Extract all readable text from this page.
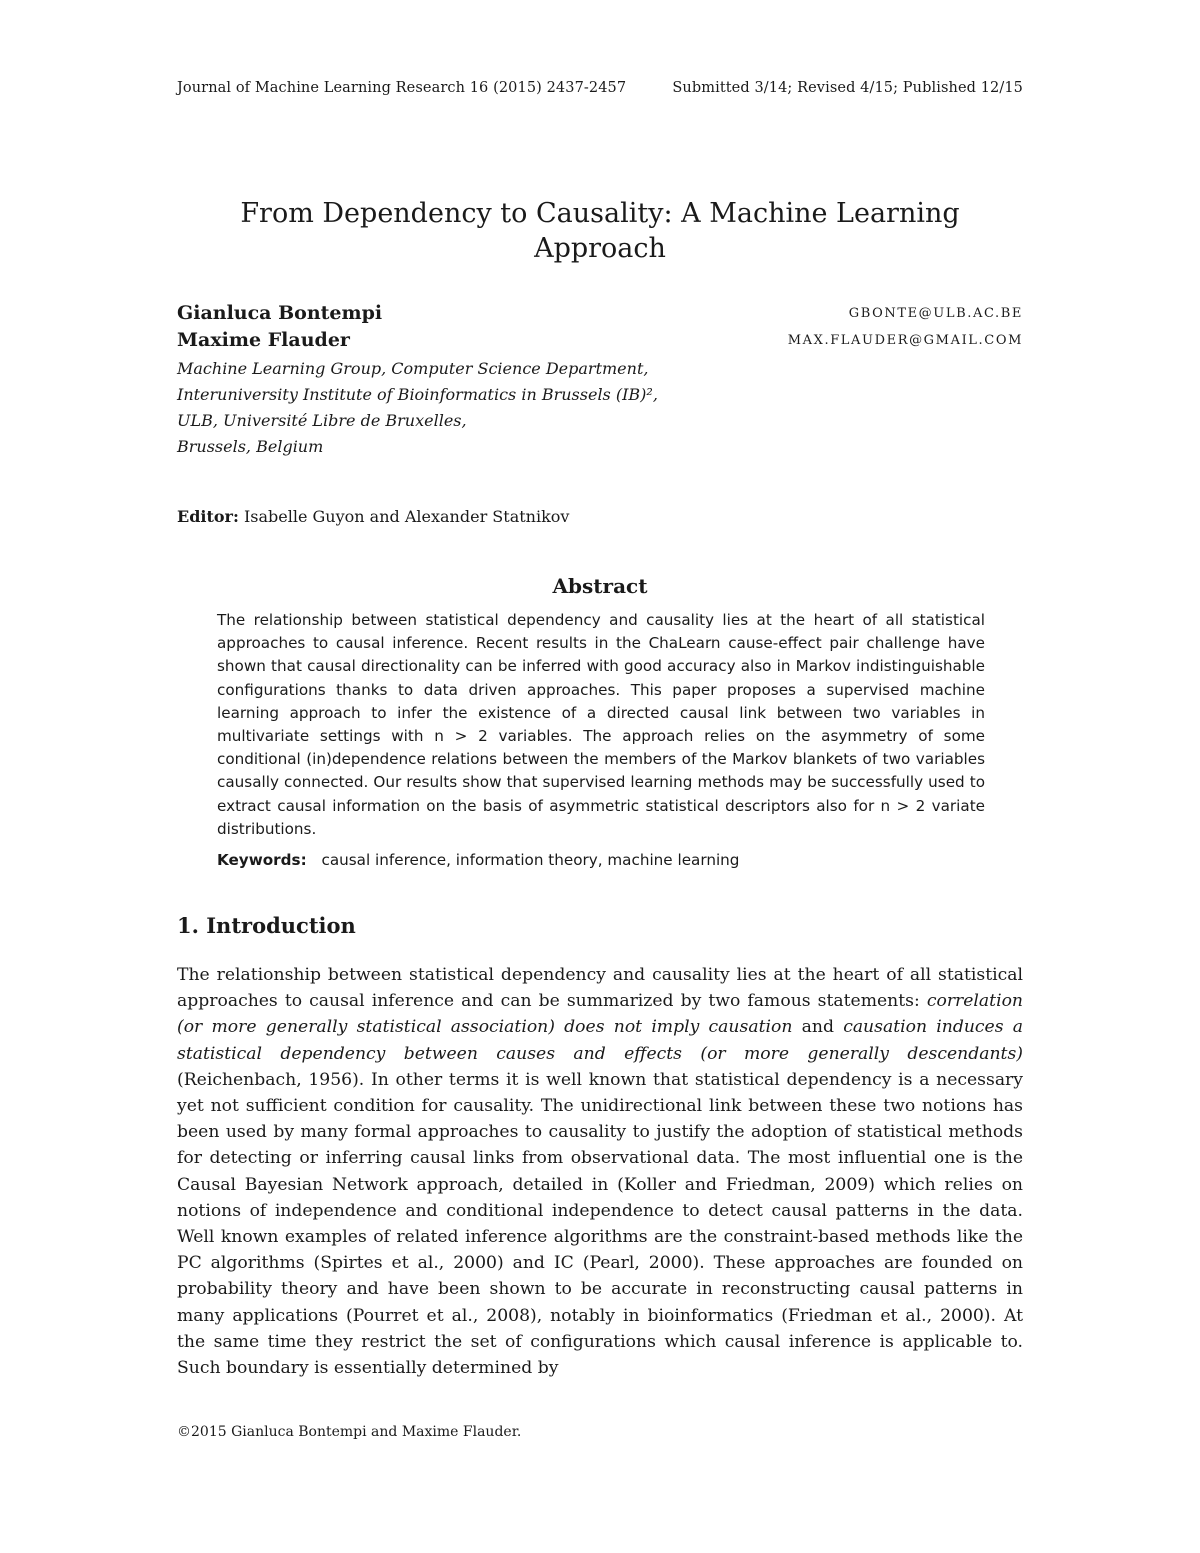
Journal of Machine Learning Research 16 (2015) 2437-2457	Submitted 3/14; Revised 4/15; Published 12/15
From Dependency to Causality: A Machine Learning Approach
Gianluca Bontempi	GBONTE@ULB.AC.BE
Maxime Flauder	MAX.FLAUDER@GMAIL.COM
Machine Learning Group, Computer Science Department,
Interuniversity Institute of Bioinformatics in Brussels (IB)²,
ULB, Université Libre de Bruxelles,
Brussels, Belgium
Editor: Isabelle Guyon and Alexander Statnikov
Abstract
The relationship between statistical dependency and causality lies at the heart of all statistical approaches to causal inference. Recent results in the ChaLearn cause-effect pair challenge have shown that causal directionality can be inferred with good accuracy also in Markov indistinguishable configurations thanks to data driven approaches. This paper proposes a supervised machine learning approach to infer the existence of a directed causal link between two variables in multivariate settings with n > 2 variables. The approach relies on the asymmetry of some conditional (in)dependence relations between the members of the Markov blankets of two variables causally connected. Our results show that supervised learning methods may be successfully used to extract causal information on the basis of asymmetric statistical descriptors also for n > 2 variate distributions.
Keywords: causal inference, information theory, machine learning
1. Introduction
The relationship between statistical dependency and causality lies at the heart of all statistical approaches to causal inference and can be summarized by two famous statements: correlation (or more generally statistical association) does not imply causation and causation induces a statistical dependency between causes and effects (or more generally descendants) (Reichenbach, 1956). In other terms it is well known that statistical dependency is a necessary yet not sufficient condition for causality. The unidirectional link between these two notions has been used by many formal approaches to causality to justify the adoption of statistical methods for detecting or inferring causal links from observational data. The most influential one is the Causal Bayesian Network approach, detailed in (Koller and Friedman, 2009) which relies on notions of independence and conditional independence to detect causal patterns in the data. Well known examples of related inference algorithms are the constraint-based methods like the PC algorithms (Spirtes et al., 2000) and IC (Pearl, 2000). These approaches are founded on probability theory and have been shown to be accurate in reconstructing causal patterns in many applications (Pourret et al., 2008), notably in bioinformatics (Friedman et al., 2000). At the same time they restrict the set of configurations which causal inference is applicable to. Such boundary is essentially determined by
©2015 Gianluca Bontempi and Maxime Flauder.
